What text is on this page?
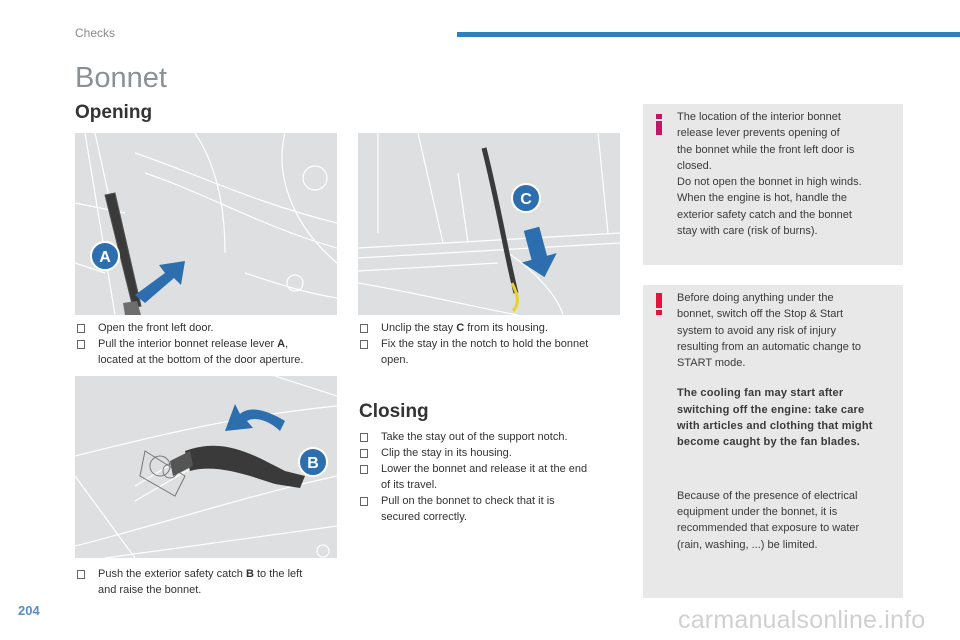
Checks
Bonnet
Opening
A
C
Open the front left door.
Pull the interior bonnet release lever A,
located at the bottom of the door aperture.
Unclip the stay C from its housing.
Fix the stay in the notch to hold the bonnet
open.
B
Push the exterior safety catch B to the left
and raise the bonnet.
Closing
Take the stay out of the support notch.
Clip the stay in its housing.
Lower the bonnet and release it at the end
of its travel.
Pull on the bonnet to check that it is
secured correctly.

The location of the interior bonnet

release lever prevents opening of

the bonnet while the front left door is

closed.

Do not open the bonnet in high winds.

When the engine is hot, handle the

exterior safety catch and the bonnet

stay with care (risk of burns).

Before doing anything under the

bonnet, switch off the Stop & Start

system to avoid any risk of injury

resulting from an automatic change to

START mode.

The cooling fan may start after

switching off the engine: take care

with articles and clothing that might

become caught by the fan blades.

Because of the presence of electrical

equipment under the bonnet, it is

recommended that exposure to water

(rain, washing, ...) be limited.

204	carmanualsonline.info
